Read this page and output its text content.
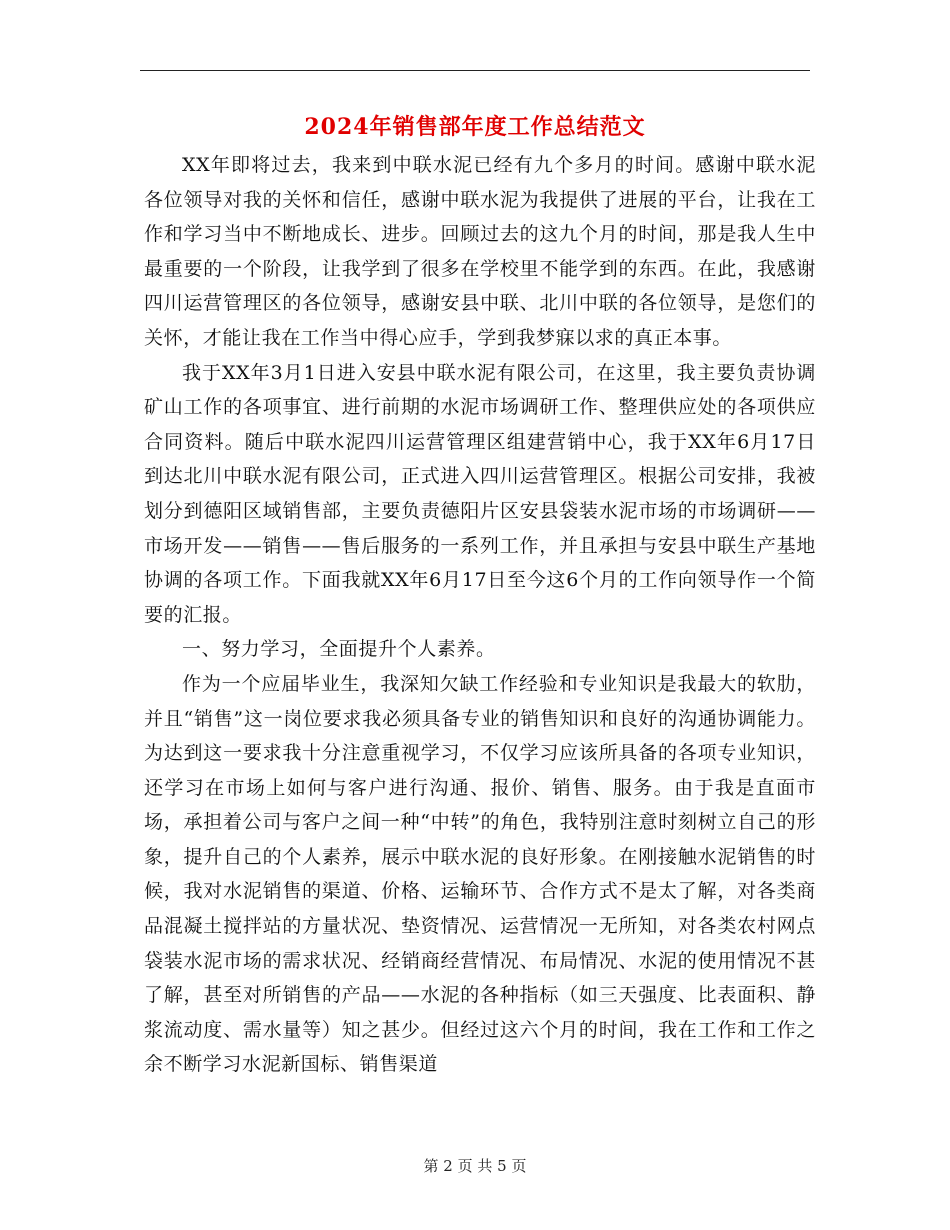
2024年销售部年度工作总结范文

XX年即将过去，我来到中联水泥已经有九个多月的时间。感谢中联水泥各位领导对我的关怀和信任，感谢中联水泥为我提供了进展的平台，让我在工作和学习当中不断地成长、进步。回顾过去的这九个月的时间，那是我人生中最重要的一个阶段，让我学到了很多在学校里不能学到的东西。在此，我感谢四川运营管理区的各位领导，感谢安县中联、北川中联的各位领导，是您们的关怀，才能让我在工作当中得心应手，学到我梦寐以求的真正本事。

我于XX年3月1日进入安县中联水泥有限公司，在这里，我主要负责协调矿山工作的各项事宜、进行前期的水泥市场调研工作、整理供应处的各项供应合同资料。随后中联水泥四川运营管理区组建营销中心，我于XX年6月17日到达北川中联水泥有限公司，正式进入四川运营管理区。根据公司安排，我被划分到德阳区域销售部，主要负责德阳片区安县袋装水泥市场的市场调研——市场开发——销售——售后服务的一系列工作，并且承担与安县中联生产基地协调的各项工作。下面我就XX年6月17日至今这6个月的工作向领导作一个简要的汇报。

一、努力学习，全面提升个人素养。

作为一个应届毕业生，我深知欠缺工作经验和专业知识是我最大的软肋，并且“销售”这一岗位要求我必须具备专业的销售知识和良好的沟通协调能力。为达到这一要求我十分注意重视学习，不仅学习应该所具备的各项专业知识，还学习在市场上如何与客户进行沟通、报价、销售、服务。由于我是直面市场，承担着公司与客户之间一种“中转”的角色，我特别注意时刻树立自己的形象，提升自己的个人素养，展示中联水泥的良好形象。在刚接触水泥销售的时候，我对水泥销售的渠道、价格、运输环节、合作方式不是太了解，对各类商品混凝土搅拌站的方量状况、垫资情况、运营情况一无所知，对各类农村网点袋装水泥市场的需求状况、经销商经营情况、布局情况、水泥的使用情况不甚了解，甚至对所销售的产品——水泥的各种指标（如三天强度、比表面积、静浆流动度、需水量等）知之甚少。但经过这六个月的时间，我在工作和工作之余不断学习水泥新国标、销售渠道

第 2 页 共 5 页
